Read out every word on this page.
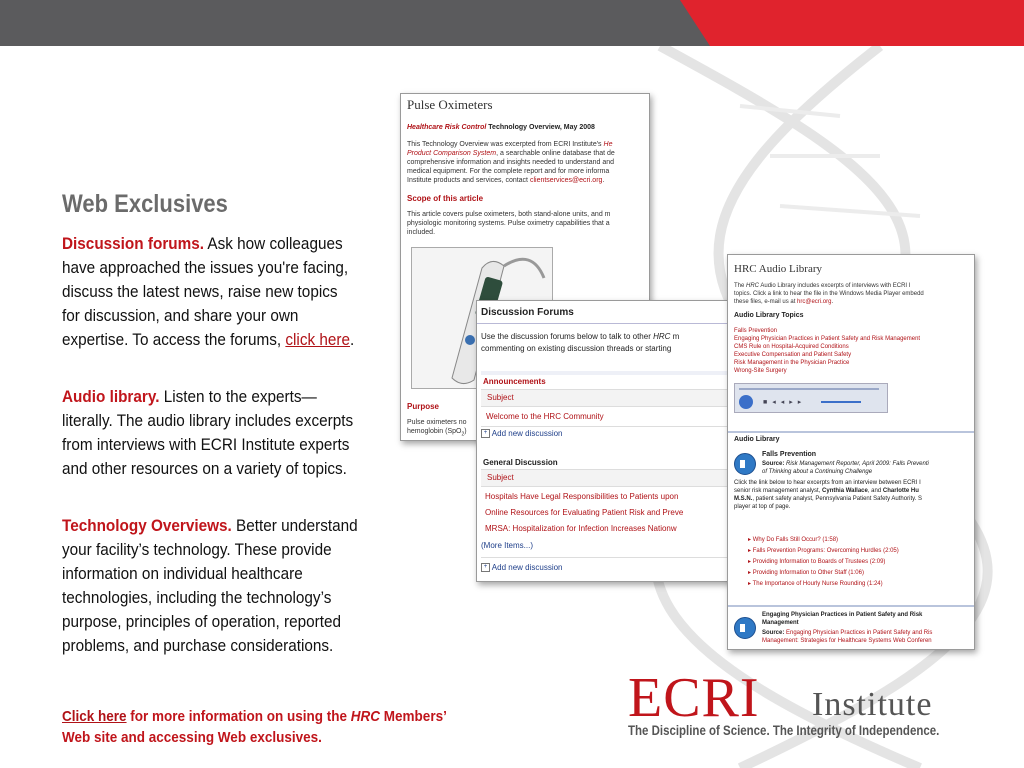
Web Exclusives
Discussion forums. Ask how colleagues have approached the issues you're facing, discuss the latest news, raise new topics for discussion, and share your own expertise. To access the forums, click here.
Audio library. Listen to the experts—literally. The audio library includes excerpts from interviews with ECRI Institute experts and other resources on a variety of topics.
Technology Overviews. Better understand your facility’s technology. These provide information on individual healthcare technologies, including the technology’s purpose, principles of operation, reported problems, and purchase considerations.
Click here for more information on using the HRC Members’ Web site and accessing Web exclusives.
Pulse Oximeters
Healthcare Risk Control Technology Overview, May 2008
This Technology Overview was excerpted from ECRI Institute's He
Product Comparison System, a searchable online database that de
comprehensive information and insights needed to understand and
medical equipment. For the complete report and for more informa
Institute products and services, contact clientservices@ecri.org.
Scope of this article
This article covers pulse oximeters, both stand-alone units, and m
physiologic monitoring systems. Pulse oximetry capabilities that a
included.
Purpose
Pulse oximeters no
hemoglobin (SpO$_2$)
Discussion Forums
Use the discussion forums below to talk to other HRC m
commenting on existing discussion threads or starting
Announcements
Subject
Welcome to the HRC Community
+ Add new discussion
General Discussion
Subject
Hospitals Have Legal Responsibilities to Patients upon
Online Resources for Evaluating Patient Risk and Preve
MRSA: Hospitalization for Infection Increases Nationw
(More Items...)
+ Add new discussion
HRC Audio Library
The HRC Audio Library includes excerpts of interviews with ECRI I
topics. Click a link to hear the file in the Windows Media Player embedd
these files, e-mail us at hrc@ecri.org.
Audio Library Topics
Falls Prevention
Engaging Physician Practices in Patient Safety and Risk Management
CMS Rule on Hospital-Acquired Conditions
Executive Compensation and Patient Safety
Risk Management in the Physician Practice
Wrong-Site Surgery
■◂◂▸▸
Audio Library
Falls Prevention
Source: Risk Management Reporter, April 2009: Falls Preventi
of Thinking about a Continuing Challenge
Click the link below to hear excerpts from an interview between ECRI I
senior risk management analyst, Cynthia Wallace, and Charlotte Hu
M.S.N., patient safety analyst, Pennsylvania Patient Safety Authority. S
player at top of page.
▸ Why Do Falls Still Occur? (1:58)
▸ Falls Prevention Programs: Overcoming Hurdles (2:05)
▸ Providing Information to Boards of Trustees (2:09)
▸ Providing Information to Other Staff (1:06)
▸ The Importance of Hourly Nurse Rounding (1:24)
Engaging Physician Practices in Patient Safety and Risk
Management
Source: Engaging Physician Practices in Patient Safety and Ris
Management: Strategies for Healthcare Systems Web Conferen
ECRI Institute
The Discipline of Science. The Integrity of Independence.
